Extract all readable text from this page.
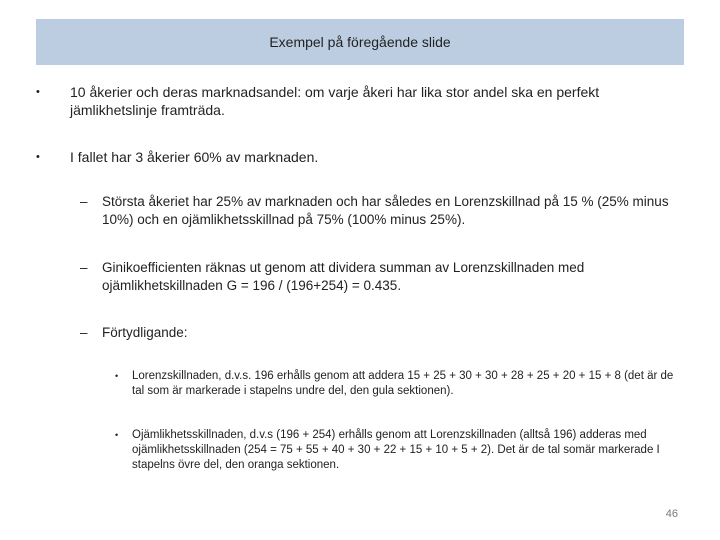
Exempel på föregående slide
•	10 åkerier och deras marknadsandel: om varje åkeri har lika stor andel ska en perfekt jämlikhetslinje framträda.
•	I fallet har 3 åkerier 60% av marknaden.
–	Största åkeriet har 25% av marknaden och har således en Lorenzskillnad på 15 % (25% minus 10%) och en ojämlikhetsskillnad på 75% (100% minus 25%).
–	Ginikoefficienten räknas ut genom att dividera summan av Lorenzskillnaden med ojämlikhetskillnaden G = 196 / (196+254) = 0.435.
–	Förtydligande:
•	Lorenzskillnaden, d.v.s. 196 erhålls genom att addera 15 + 25 + 30 + 30 + 28 + 25 + 20 + 15 + 8 (det är de tal som är markerade i stapelns undre del, den gula sektionen).
•	Ojämlikhetsskillnaden, d.v.s (196 + 254) erhålls genom att Lorenzskillnaden (alltså 196) adderas med ojämlikhetsskillnaden (254 = 75 + 55 + 40 + 30 + 22 + 15 + 10 + 5 + 2). Det är de tal somär markerade I stapelns övre del, den oranga sektionen.
46
